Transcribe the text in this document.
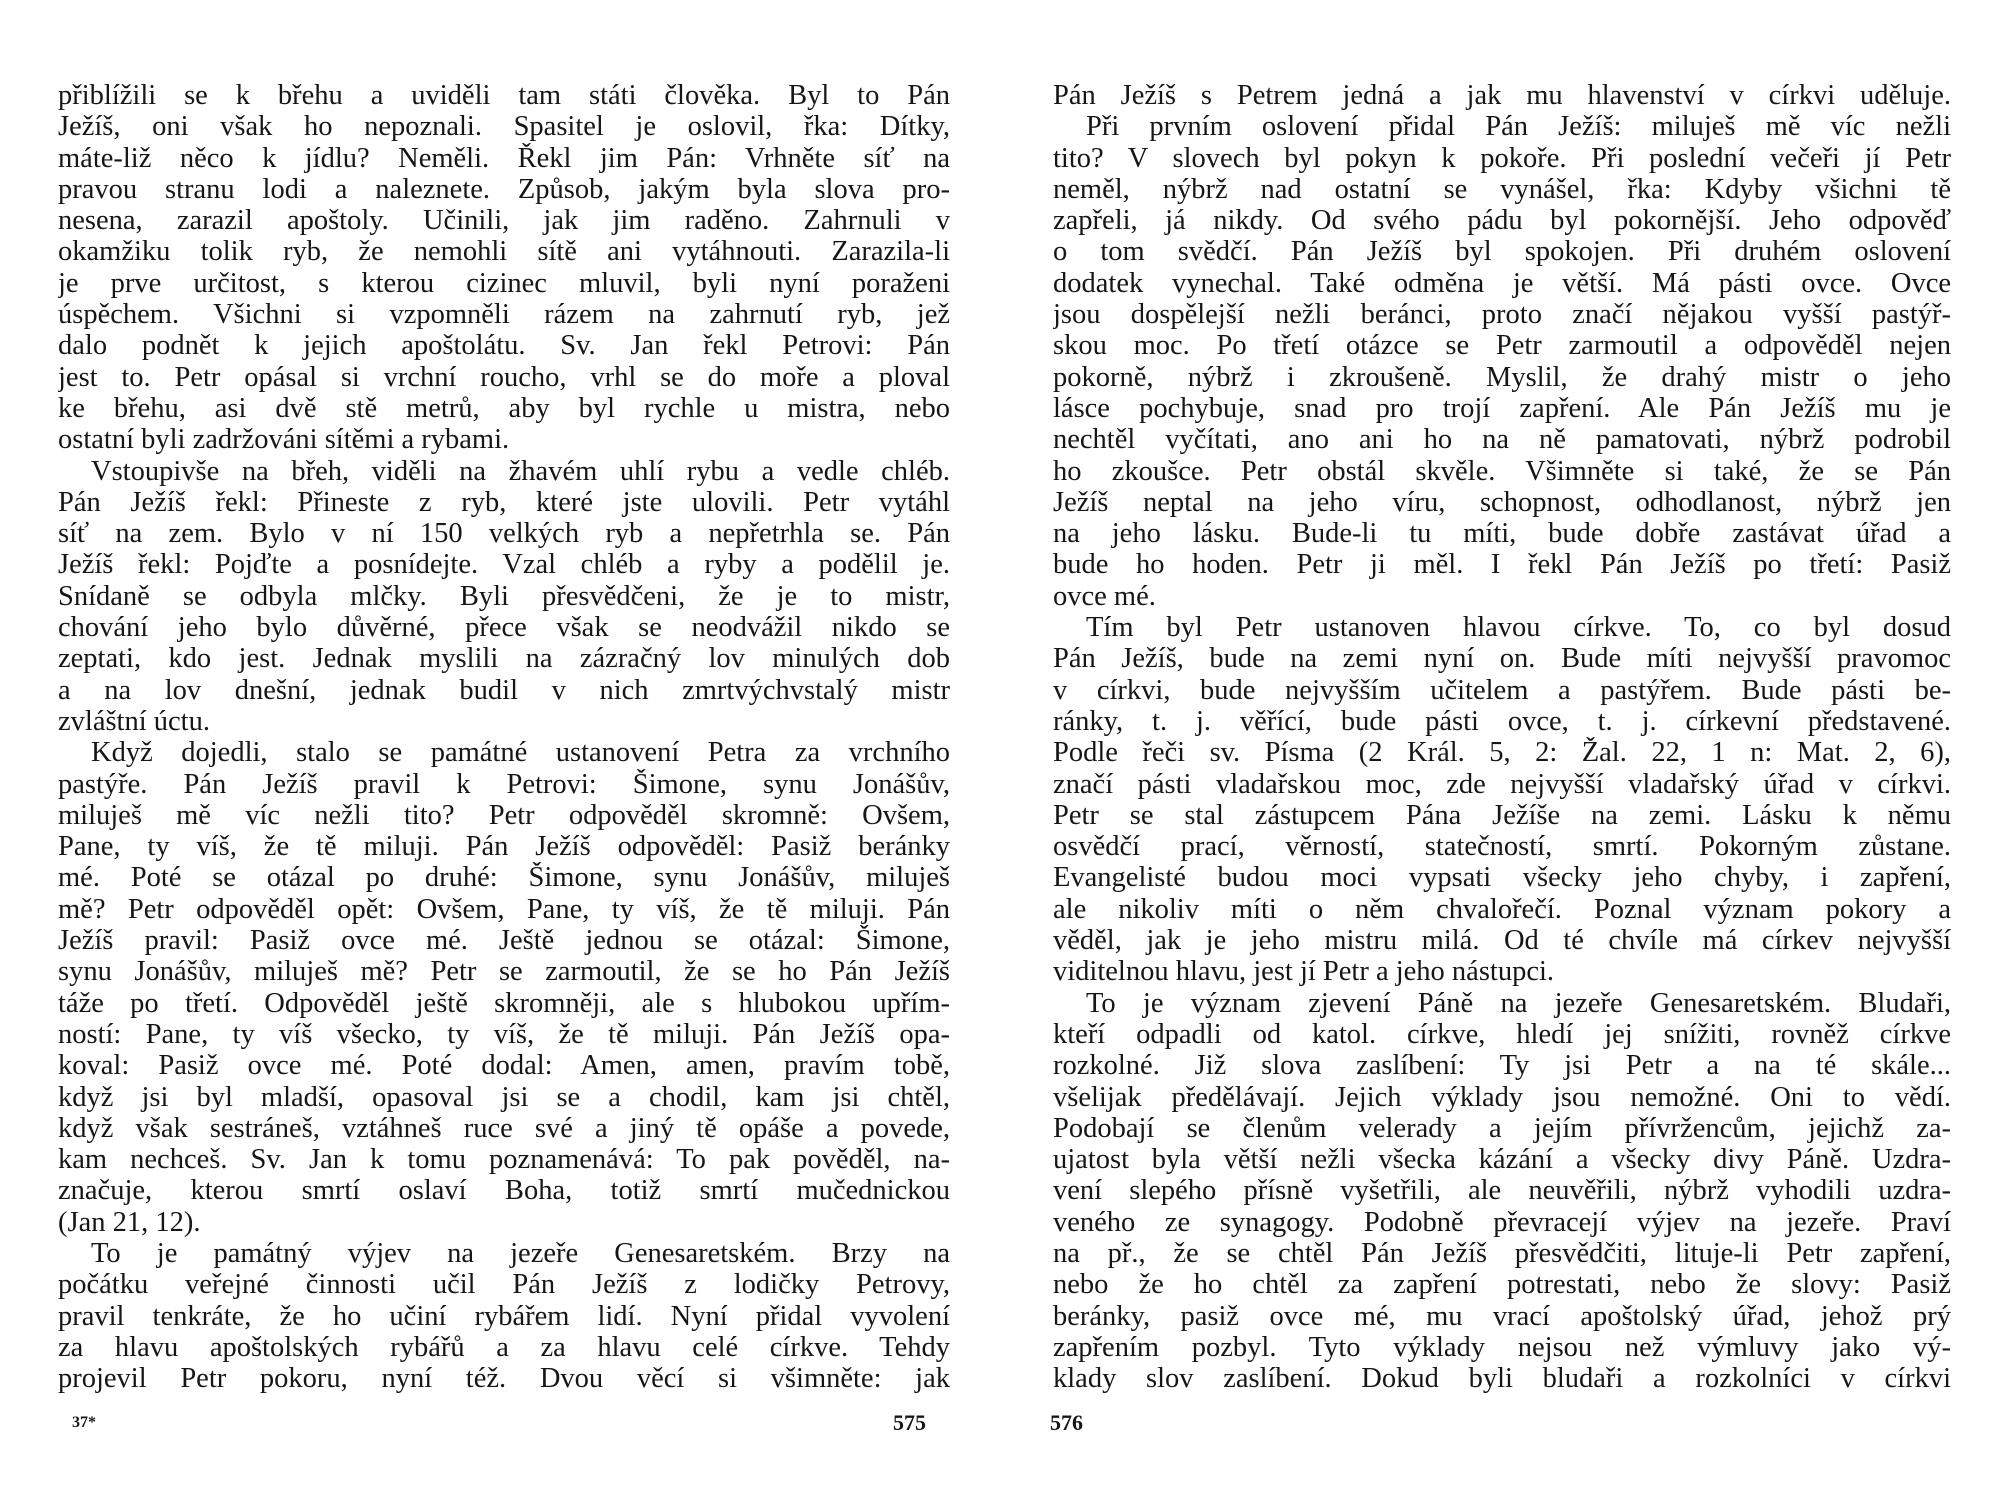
přiblížili se k břehu a uviděli tam státi člověka. Byl to Pán
Ježíš, oni však ho nepoznali. Spasitel je oslovil, řka: Dítky,
máte-liž něco k jídlu? Neměli. Řekl jim Pán: Vrhněte síť na
pravou stranu lodi a naleznete. Způsob, jakým byla slova pro-
nesena, zarazil apoštoly. Učinili, jak jim raděno. Zahrnuli v
okamžiku tolik ryb, že nemohli sítě ani vytáhnouti. Zarazila-li
je prve určitost, s kterou cizinec mluvil, byli nyní poraženi
úspěchem. Všichni si vzpomněli rázem na zahrnutí ryb, jež
dalo podnět k jejich apoštolátu. Sv. Jan řekl Petrovi: Pán
jest to. Petr opásal si vrchní roucho, vrhl se do moře a ploval
ke břehu, asi dvě stě metrů, aby byl rychle u mistra, nebo
ostatní byli zadržováni sítěmi a rybami.
Vstoupivše na břeh, viděli na žhavém uhlí rybu a vedle chléb.
Pán Ježíš řekl: Přineste z ryb, které jste ulovili. Petr vytáhl
síť na zem. Bylo v ní 150 velkých ryb a nepřetrhla se. Pán
Ježíš řekl: Pojďte a posnídejte. Vzal chléb a ryby a podělil je.
Snídaně se odbyla mlčky. Byli přesvědčeni, že je to mistr,
chování jeho bylo důvěrné, přece však se neodvážil nikdo se
zeptati, kdo jest. Jednak myslili na zázračný lov minulých dob
a na lov dnešní, jednak budil v nich zmrtvýchvstalý mistr
zvláštní úctu.
Když dojedli, stalo se památné ustanovení Petra za vrchního
pastýře. Pán Ježíš pravil k Petrovi: Šimone, synu Jonášův,
miluješ mě víc nežli tito? Petr odpověděl skromně: Ovšem,
Pane, ty víš, že tě miluji. Pán Ježíš odpověděl: Pasiž beránky
mé. Poté se otázal po druhé: Šimone, synu Jonášův, miluješ
mě? Petr odpověděl opět: Ovšem, Pane, ty víš, že tě miluji. Pán
Ježíš pravil: Pasiž ovce mé. Ještě jednou se otázal: Šimone,
synu Jonášův, miluješ mě? Petr se zarmoutil, že se ho Pán Ježíš
táže po třetí. Odpověděl ještě skromněji, ale s hlubokou upřím-
ností: Pane, ty víš všecko, ty víš, že tě miluji. Pán Ježíš opa-
koval: Pasiž ovce mé. Poté dodal: Amen, amen, pravím tobě,
když jsi byl mladší, opasoval jsi se a chodil, kam jsi chtěl,
když však sestráneš, vztáhneš ruce své a jiný tě opáše a povede,
kam nechceš. Sv. Jan k tomu poznamenává: To pak pověděl, na-
značuje, kterou smrtí oslaví Boha, totiž smrtí mučednickou
(Jan 21, 12).
To je památný výjev na jezeře Genesaretském. Brzy na
počátku veřejné činnosti učil Pán Ježíš z lodičky Petrovy,
pravil tenkráte, že ho učiní rybářem lidí. Nyní přidal vyvolení
za hlavu apoštolských rybářů a za hlavu celé církve. Tehdy
projevil Petr pokoru, nyní též. Dvou věcí si všimněte: jak
37*	575
Pán Ježíš s Petrem jedná a jak mu hlavenství v církvi uděluje.
Při prvním oslovení přidal Pán Ježíš: miluješ mě víc nežli
tito? V slovech byl pokyn k pokoře. Při poslední večeři jí Petr
neměl, nýbrž nad ostatní se vynášel, řka: Kdyby všichni tě
zapřeli, já nikdy. Od svého pádu byl pokornější. Jeho odpověď
o tom svědčí. Pán Ježíš byl spokojen. Při druhém oslovení
dodatek vynechal. Také odměna je větší. Má pásti ovce. Ovce
jsou dospělejší nežli beránci, proto značí nějakou vyšší pastýř-
skou moc. Po třetí otázce se Petr zarmoutil a odpověděl nejen
pokorně, nýbrž i zkroušeně. Myslil, že drahý mistr o jeho
lásce pochybuje, snad pro trojí zapření. Ale Pán Ježíš mu je
nechtěl vyčítati, ano ani ho na ně pamatovati, nýbrž podrobil
ho zkoušce. Petr obstál skvěle. Všimněte si také, že se Pán
Ježíš neptal na jeho víru, schopnost, odhodlanost, nýbrž jen
na jeho lásku. Bude-li tu míti, bude dobře zastávat úřad a
bude ho hoden. Petr ji měl. I řekl Pán Ježíš po třetí: Pasiž
ovce mé.
Tím byl Petr ustanoven hlavou církve. To, co byl dosud
Pán Ježíš, bude na zemi nyní on. Bude míti nejvyšší pravomoc
v církvi, bude nejvyšším učitelem a pastýřem. Bude pásti be-
ránky, t. j. věřící, bude pásti ovce, t. j. církevní představené.
Podle řeči sv. Písma (2 Král. 5, 2: Žal. 22, 1 n: Mat. 2, 6),
značí pásti vladařskou moc, zde nejvyšší vladařský úřad v církvi.
Petr se stal zástupcem Pána Ježíše na zemi. Lásku k němu
osvědčí prací, věrností, statečností, smrtí. Pokorným zůstane.
Evangelisté budou moci vypsati všecky jeho chyby, i zapření,
ale nikoliv míti o něm chvalořečí. Poznal význam pokory a
věděl, jak je jeho mistru milá. Od té chvíle má církev nejvyšší
viditelnou hlavu, jest jí Petr a jeho nástupci.
To je význam zjevení Páně na jezeře Genesaretském. Bludaři,
kteří odpadli od katol. církve, hledí jej snížiti, rovněž církve
rozkolné. Již slova zaslíbení: Ty jsi Petr a na té skále...
všelijak předělávají. Jejich výklady jsou nemožné. Oni to vědí.
Podobají se členům velerady a jejím přívržencům, jejichž za-
ujatost byla větší nežli všecka kázání a všecky divy Páně. Uzdra-
vení slepého přísně vyšetřili, ale neuvěřili, nýbrž vyhodili uzdra-
veného ze synagogy. Podobně převracejí výjev na jezeře. Praví
na př., že se chtěl Pán Ježíš přesvědčiti, lituje-li Petr zapření,
nebo že ho chtěl za zapření potrestati, nebo že slovy: Pasiž
beránky, pasiž ovce mé, mu vrací apoštolský úřad, jehož prý
zapřením pozbyl. Tyto výklady nejsou než výmluvy jako vý-
klady slov zaslíbení. Dokud byli bludaři a rozkolníci v církvi
576
